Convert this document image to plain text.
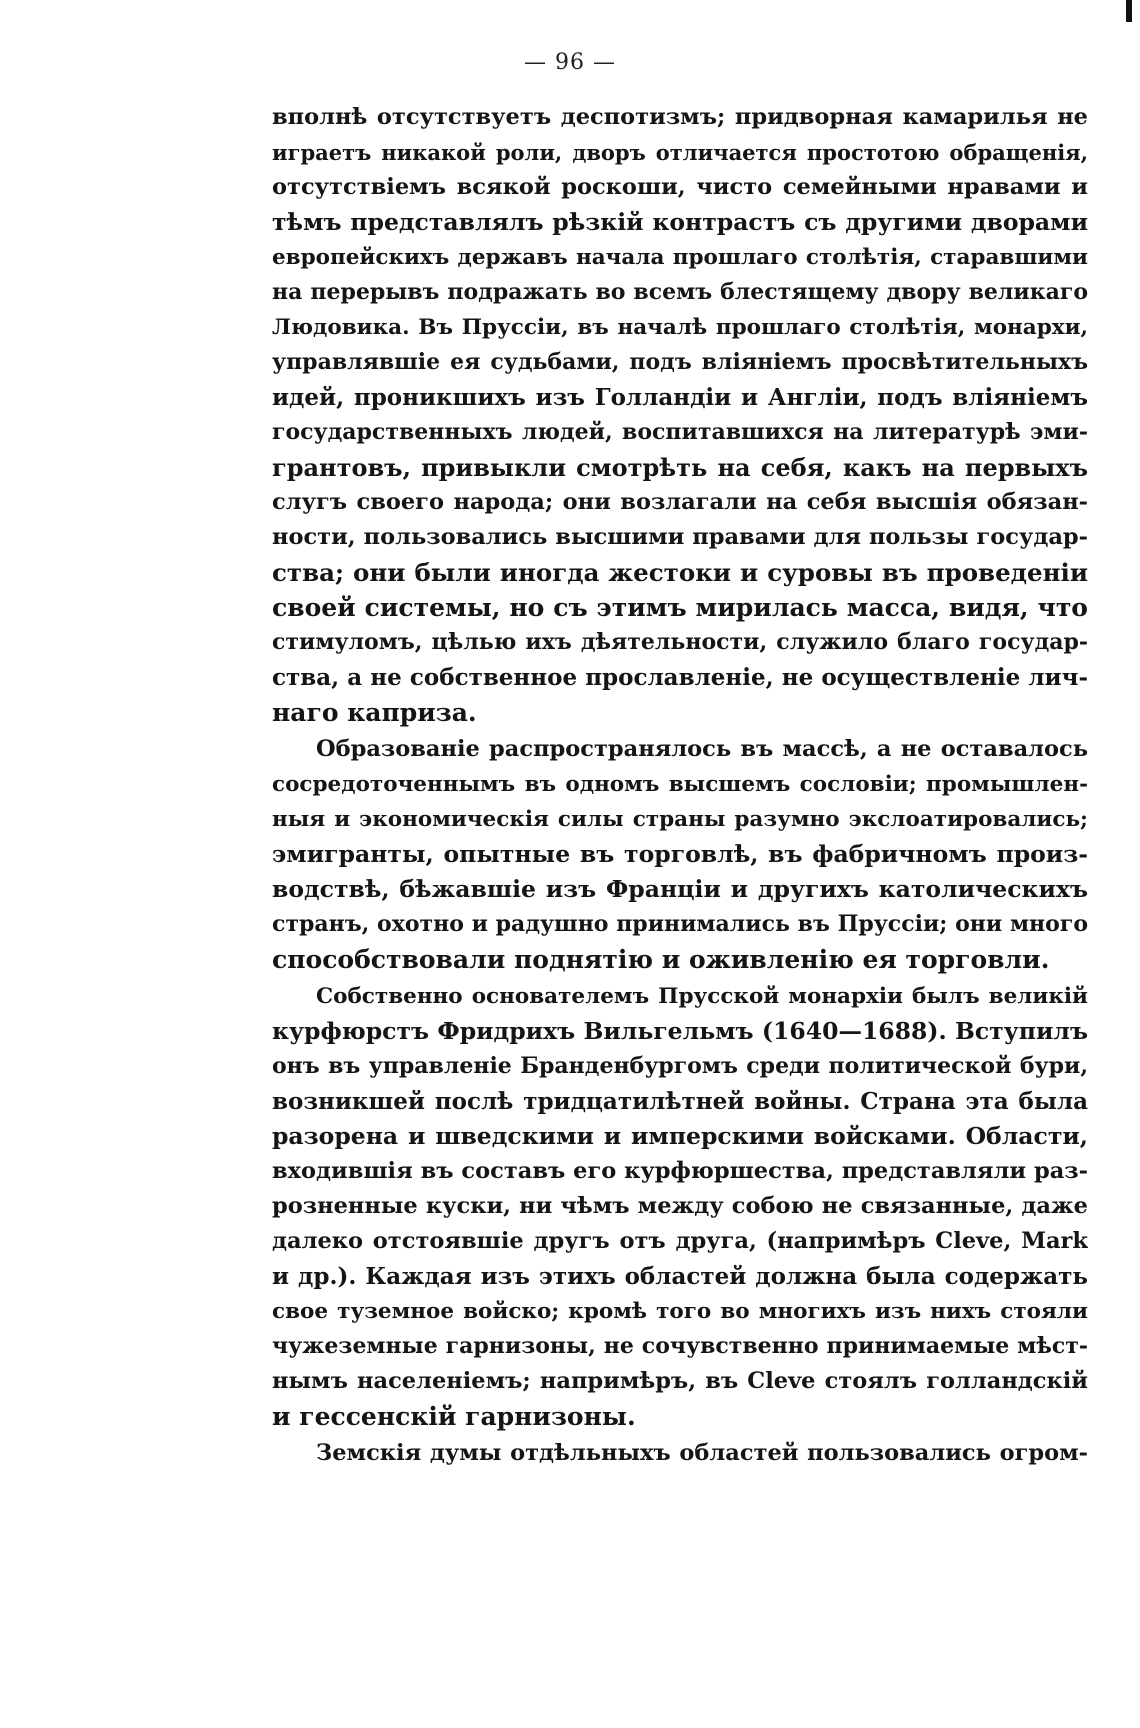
— 96 —
вполнѣ отсутствуетъ деспотизмъ; придворная камарилья не
играетъ никакой роли, дворъ отличается простотою обращенія,
отсутствіемъ всякой роскоши, чисто семейными нравами и
тѣмъ представлялъ рѣзкій контрастъ съ другими дворами
европейскихъ державъ начала прошлаго столѣтія, старавшими
на перерывъ подражать во всемъ блестящему двору великаго
Людовика. Въ Пруссіи, въ началѣ прошлаго столѣтія, монархи,
управлявшіе ея судьбами, подъ вліяніемъ просвѣтительныхъ
идей, проникшихъ изъ Голландіи и Англіи, подъ вліяніемъ
государственныхъ людей, воспитавшихся на литературѣ эми-
грантовъ, привыкли смотрѣть на себя, какъ на первыхъ
слугъ своего народа; они возлагали на себя высшія обязан-
ности, пользовались высшими правами для пользы государ-
ства; они были иногда жестоки и суровы въ проведеніи
своей системы, но съ этимъ мирилась масса, видя, что
стимуломъ, цѣлью ихъ дѣятельности, служило благо государ-
ства, а не собственное прославленіе, не осуществленіе лич-
наго каприза.
Образованіе распространялось въ массѣ, а не оставалось
сосредоточеннымъ въ одномъ высшемъ сословіи; промышлен-
ныя и экономическія силы страны разумно экслоатировались;
эмигранты, опытные въ торговлѣ, въ фабричномъ произ-
водствѣ, бѣжавшіе изъ Франціи и другихъ католическихъ
странъ, охотно и радушно принимались въ Пруссіи; они много
способствовали поднятію и оживленію ея торговли.
Собственно основателемъ Прусской монархіи былъ великій
курфюрстъ Фридрихъ Вильгельмъ (1640—1688). Вступилъ
онъ въ управленіе Бранденбургомъ среди политической бури,
возникшей послѣ тридцатилѣтней войны. Страна эта была
разорена и шведскими и имперскими войсками. Области,
входившія въ составъ его курфюршества, представляли раз-
розненные куски, ни чѣмъ между собою не связанные, даже
далеко отстоявшіе другъ отъ друга, (напримѣръ Cleve, Mark
и др.). Каждая изъ этихъ областей должна была содержать
свое туземное войско; кромѣ того во многихъ изъ нихъ стояли
чужеземные гарнизоны, не сочувственно принимаемые мѣст-
нымъ населеніемъ; напримѣръ, въ Cleve стоялъ голландскій
и гессенскій гарнизоны.
Земскія думы отдѣльныхъ областей пользовались огром-
